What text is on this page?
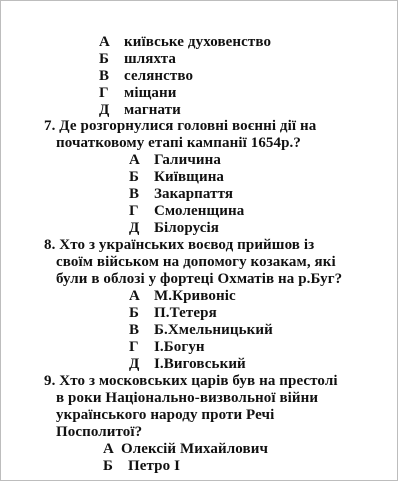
А київське духовенство
Б шляхта
В селянство
Г	міщани
Д магнати
7. Де розгорнулися головні воєнні дії на
початковому етапі кампанії 1654р.?
А Галичина
Б Київщина
В Закарпаття
Г	Смоленщина
Д Білорусія
8. Хто з українських воєвод прийшов із
своїм військом на допомогу козакам, які
були в облозі у фортеці Охматів на р.Буг?
А М.Кривоніс
Б П.Тетеря
В Б.Хмельницький
Г	І.Богун
Д І.Виговський
9. Хто з московських царів був на престолі
в роки Національно-визвольної війни
українського народу проти Речі
Посполитої?
А Олексій Михайлович
Б Петро І
